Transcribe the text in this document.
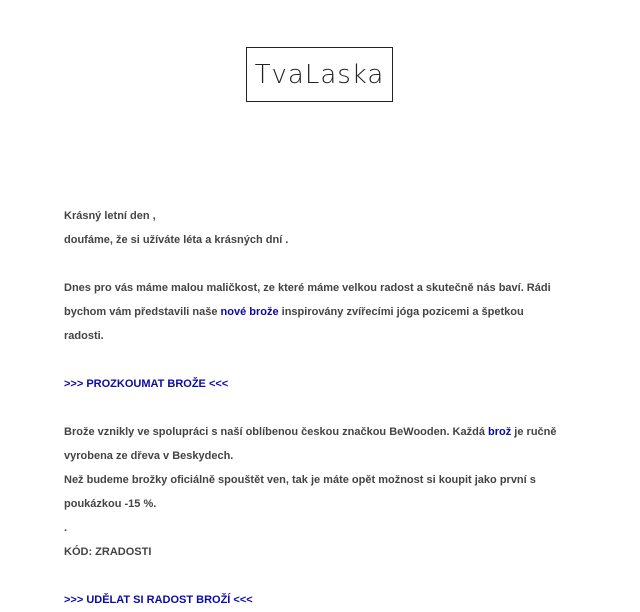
TvaLaska

Krásný letní den ,

doufáme, že si užíváte léta a krásných dní .

Dnes pro vás máme malou maličkost, ze které máme velkou radost a skutečně nás baví. Rádi bychom vám představili naše nové brože inspirovány zvířecími jóga pozicemi a špetkou radosti.

>>> PROZKOUMAT BROŽE <<<

Brože vznikly ve spolupráci s naší oblíbenou českou značkou BeWooden. Každá brož je ručně vyrobena ze dřeva v Beskydech.

Než budeme brožky oficiálně spouštět ven, tak je máte opět možnost si koupit jako první s poukázkou -15 %.

.

KÓD: ZRADOSTI

>>> UDĚLAT SI RADOST BROŽÍ <<<
